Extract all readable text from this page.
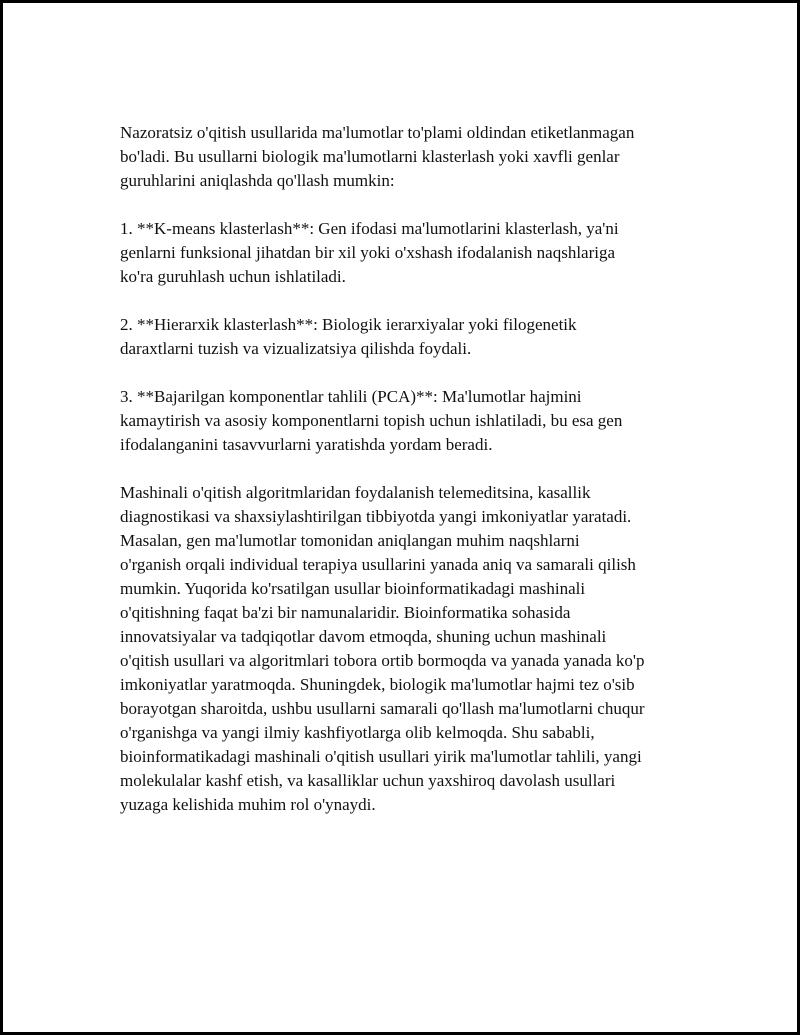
Nazoratsiz o'qitish usullarida ma'lumotlar to'plami oldindan etiketlanmagan
bo'ladi. Bu usullarni biologik ma'lumotlarni klasterlash yoki xavfli genlar
guruhlarini aniqlashda qo'llash mumkin:

1. **K-means klasterlash**: Gen ifodasi ma'lumotlarini klasterlash, ya'ni
genlarni funksional jihatdan bir xil yoki o'xshash ifodalanish naqshlariga
ko'ra guruhlash uchun ishlatiladi.

2. **Hierarxik klasterlash**: Biologik ierarxiyalar yoki filogenetik
daraxtlarni tuzish va vizualizatsiya qilishda foydali.

3. **Bajarilgan komponentlar tahlili (PCA)**: Ma'lumotlar hajmini
kamaytirish va asosiy komponentlarni topish uchun ishlatiladi, bu esa gen
ifodalanganini tasavvurlarni yaratishda yordam beradi.

Mashinali o'qitish algoritmlaridan foydalanish telemeditsina, kasallik
diagnostikasi va shaxsiylashtirilgan tibbiyotda yangi imkoniyatlar yaratadi.
Masalan, gen ma'lumotlar tomonidan aniqlangan muhim naqshlarni
o'rganish orqali individual terapiya usullarini yanada aniq va samarali qilish
mumkin. Yuqorida ko'rsatilgan usullar bioinformatikadagi mashinali
o'qitishning faqat ba'zi bir namunalaridir. Bioinformatika sohasida
innovatsiyalar va tadqiqotlar davom etmoqda, shuning uchun mashinali
o'qitish usullari va algoritmlari tobora ortib bormoqda va yanada yanada ko'p
imkoniyatlar yaratmoqda. Shuningdek, biologik ma'lumotlar hajmi tez o'sib
borayotgan sharoitda, ushbu usullarni samarali qo'llash ma'lumotlarni chuqur
o'rganishga va yangi ilmiy kashfiyotlarga olib kelmoqda. Shu sababli,
bioinformatikadagi mashinali o'qitish usullari yirik ma'lumotlar tahlili, yangi
molekulalar kashf etish, va kasalliklar uchun yaxshiroq davolash usullari
yuzaga kelishida muhim rol o'ynaydi.
